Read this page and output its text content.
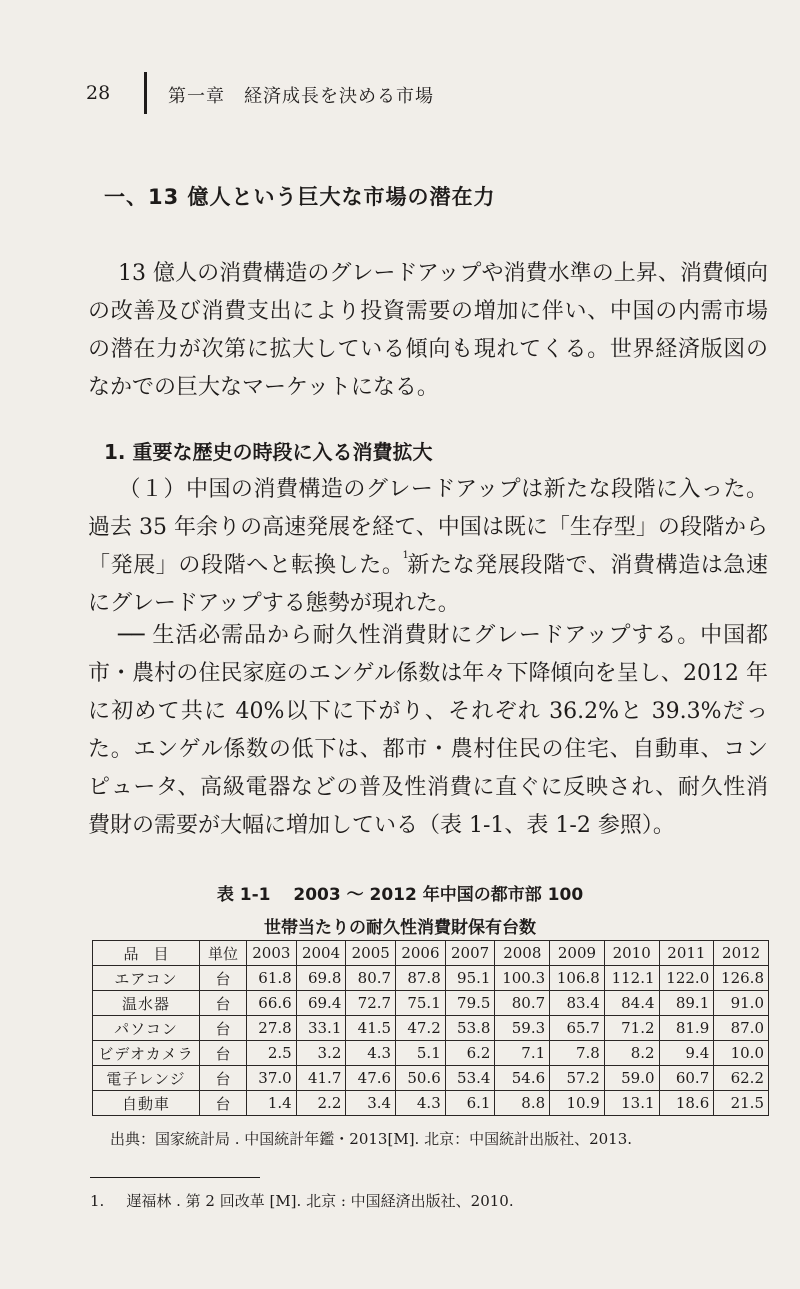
28	第一章　経済成長を決める市場
一、13 億人という巨大な市場の潜在力

13 億人の消費構造のグレードアップや消費水準の上昇、消費傾向の改善及び消費支出により投資需要の増加に伴い、中国の内需市場の潜在力が次第に拡大している傾向も現れてくる。世界経済版図のなかでの巨大なマーケットになる。

1. 重要な歴史の時段に入る消費拡大

（１）中国の消費構造のグレードアップは新たな段階に入った。過去 35 年余りの高速発展を経て、中国は既に「生存型」の段階から「発展」の段階へと転換した。$^1$新たな発展段階で、消費構造は急速にグレードアップする態勢が現れた。

── 生活必需品から耐久性消費財にグレードアップする。中国都市・農村の住民家庭のエンゲル係数は年々下降傾向を呈し、2012 年に初めて共に 40%以下に下がり、それぞれ 36.2%と 39.3%だった。エンゲル係数の低下は、都市・農村住民の住宅、自動車、コンピュータ、高級電器などの普及性消費に直ぐに反映され、耐久性消費財の需要が大幅に増加している（表 1-1、表 1-2 参照）。

表 1-1　 2003 ～ 2012 年中国の都市部 100
世帯当たりの耐久性消費財保有台数
品　目	単位	2003	2004	2005	2006	2007	2008	2009	2010	2011	2012
エアコン	台	61.8	69.8	80.7	87.8	95.1	100.3	106.8	112.1	122.0	126.8
温水器	台	66.6	69.4	72.7	75.1	79.5	80.7	83.4	84.4	89.1	91.0
パソコン	台	27.8	33.1	41.5	47.2	53.8	59.3	65.7	71.2	81.9	87.0
ビデオカメラ	台	2.5	3.2	4.3	5.1	6.2	7.1	7.8	8.2	9.4	10.0
電子レンジ	台	37.0	41.7	47.6	50.6	53.4	54.6	57.2	59.0	60.7	62.2
自動車	台	1.4	2.2	3.4	4.3	6.1	8.8	10.9	13.1	18.6	21.5
出典：国家統計局 . 中国統計年鑑・2013[M]. 北京：中国統計出版社、2013.
1. 遅福林 . 第 2 回改革 [M]. 北京 : 中国経済出版社、2010.
